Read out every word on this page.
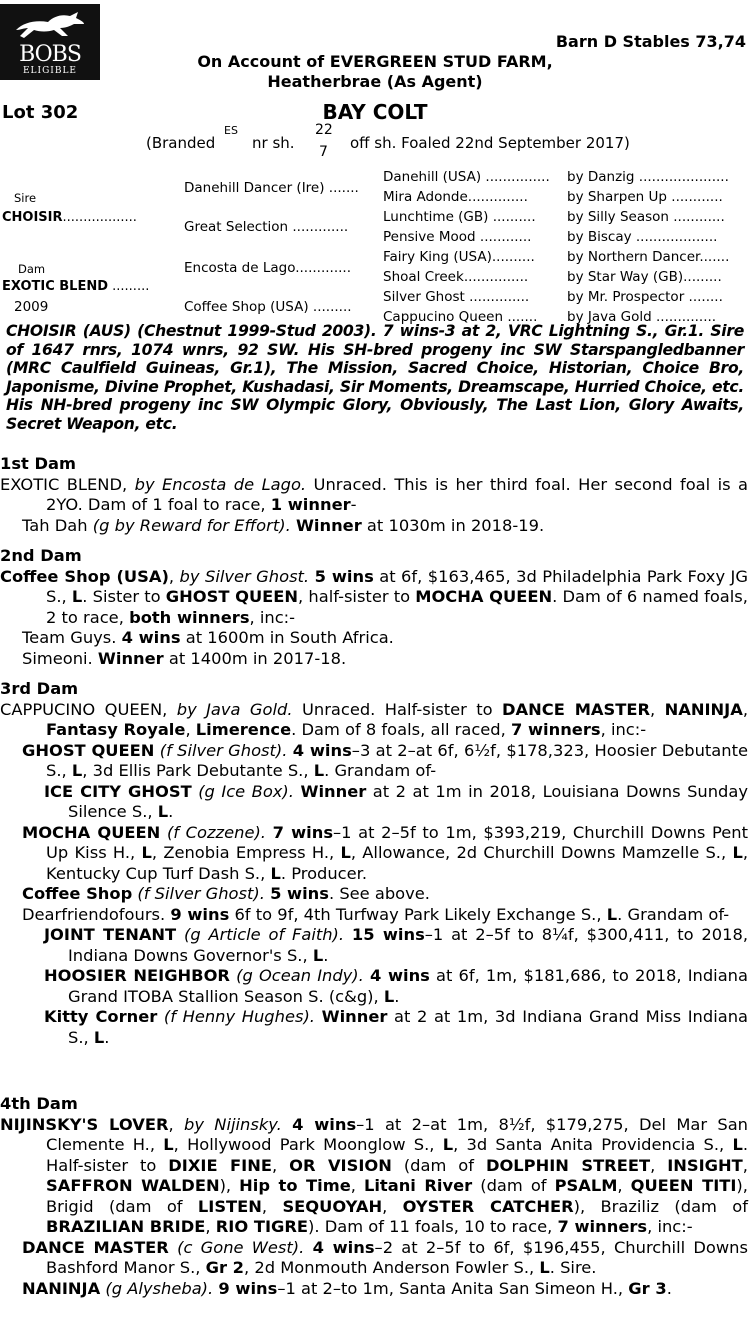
BOBS
ELIGIBLE
Barn D Stables 73,74
On Account of EVERGREEN STUD FARM,
Heatherbrae (As Agent)
Lot 302	BAY COLT
(Branded
ES
nr sh.
22
7 off sh. Foaled 22nd September 2017)
Sire
CHOISIR..................
Dam
EXOTIC BLEND .........
2009
Danehill Dancer (Ire) .......
Great Selection .............
Encosta de Lago.............
Coffee Shop (USA) .........
Danehill (USA) ...............
Mira Adonde..............
Lunchtime (GB) ..........
Pensive Mood ............
Fairy King (USA)..........
Shoal Creek...............
Silver Ghost ..............
Cappucino Queen .......
by Danzig .....................
by Sharpen Up ............
by Silly Season ............
by Biscay ...................
by Northern Dancer.......
by Star Way (GB).........
by Mr. Prospector ........
by Java Gold ..............
CHOISIR (AUS) (Chestnut 1999-Stud 2003). 7 wins-3 at 2, VRC Lightning S., Gr.1. Sire of 1647 rnrs, 1074 wnrs, 92 SW. His SH-bred progeny inc SW Starspangledbanner (MRC Caulfield Guineas, Gr.1), The Mission, Sacred Choice, Historian, Choice Bro, Japonisme, Divine Prophet, Kushadasi, Sir Moments, Dreamscape, Hurried Choice, etc. His NH-bred progeny inc SW Olympic Glory, Obviously, The Last Lion, Glory Awaits, Secret Weapon, etc.

1st Dam

EXOTIC BLEND, by Encosta de Lago. Unraced. This is her third foal. Her second foal is a 2YO. Dam of 1 foal to race, 1 winner-

Tah Dah (g by Reward for Effort). Winner at 1030m in 2018-19.

2nd Dam

Coffee Shop (USA), by Silver Ghost. 5 wins at 6f, $163,465, 3d Philadelphia Park Foxy JG S., L. Sister to GHOST QUEEN, half-sister to MOCHA QUEEN. Dam of 6 named foals, 2 to race, both winners, inc:-

Team Guys. 4 wins at 1600m in South Africa.

Simeoni. Winner at 1400m in 2017-18.

3rd Dam

CAPPUCINO QUEEN, by Java Gold. Unraced. Half-sister to DANCE MASTER, NANINJA, Fantasy Royale, Limerence. Dam of 8 foals, all raced, 7 winners, inc:-

GHOST QUEEN (f Silver Ghost). 4 wins–3 at 2–at 6f, 6½f, $178,323, Hoosier Debutante S., L, 3d Ellis Park Debutante S., L. Grandam of-

ICE CITY GHOST (g Ice Box). Winner at 2 at 1m in 2018, Louisiana Downs Sunday Silence S., L.

MOCHA QUEEN (f Cozzene). 7 wins–1 at 2–5f to 1m, $393,219, Churchill Downs Pent Up Kiss H., L, Zenobia Empress H., L, Allowance, 2d Churchill Downs Mamzelle S., L, Kentucky Cup Turf Dash S., L. Producer.

Coffee Shop (f Silver Ghost). 5 wins. See above.

Dearfriendofours. 9 wins 6f to 9f, 4th Turfway Park Likely Exchange S., L. Grandam of-

JOINT TENANT (g Article of Faith). 15 wins–1 at 2–5f to 8¼f, $300,411, to 2018, Indiana Downs Governor's S., L.

HOOSIER NEIGHBOR (g Ocean Indy). 4 wins at 6f, 1m, $181,686, to 2018, Indiana Grand ITOBA Stallion Season S. (c&g), L.

Kitty Corner (f Henny Hughes). Winner at 2 at 1m, 3d Indiana Grand Miss Indiana S., L.

4th Dam

NIJINSKY'S LOVER, by Nijinsky. 4 wins–1 at 2–at 1m, 8½f, $179,275, Del Mar San Clemente H., L, Hollywood Park Moonglow S., L, 3d Santa Anita Providencia S., L. Half-sister to DIXIE FINE, OR VISION (dam of DOLPHIN STREET, INSIGHT, SAFFRON WALDEN), Hip to Time, Litani River (dam of PSALM, QUEEN TITI), Brigid (dam of LISTEN, SEQUOYAH, OYSTER CATCHER), Braziliz (dam of BRAZILIAN BRIDE, RIO TIGRE). Dam of 11 foals, 10 to race, 7 winners, inc:-

DANCE MASTER (c Gone West). 4 wins–2 at 2–5f to 6f, $196,455, Churchill Downs Bashford Manor S., Gr 2, 2d Monmouth Anderson Fowler S., L. Sire.

NANINJA (g Alysheba). 9 wins–1 at 2–to 1m, Santa Anita San Simeon H., Gr 3.
